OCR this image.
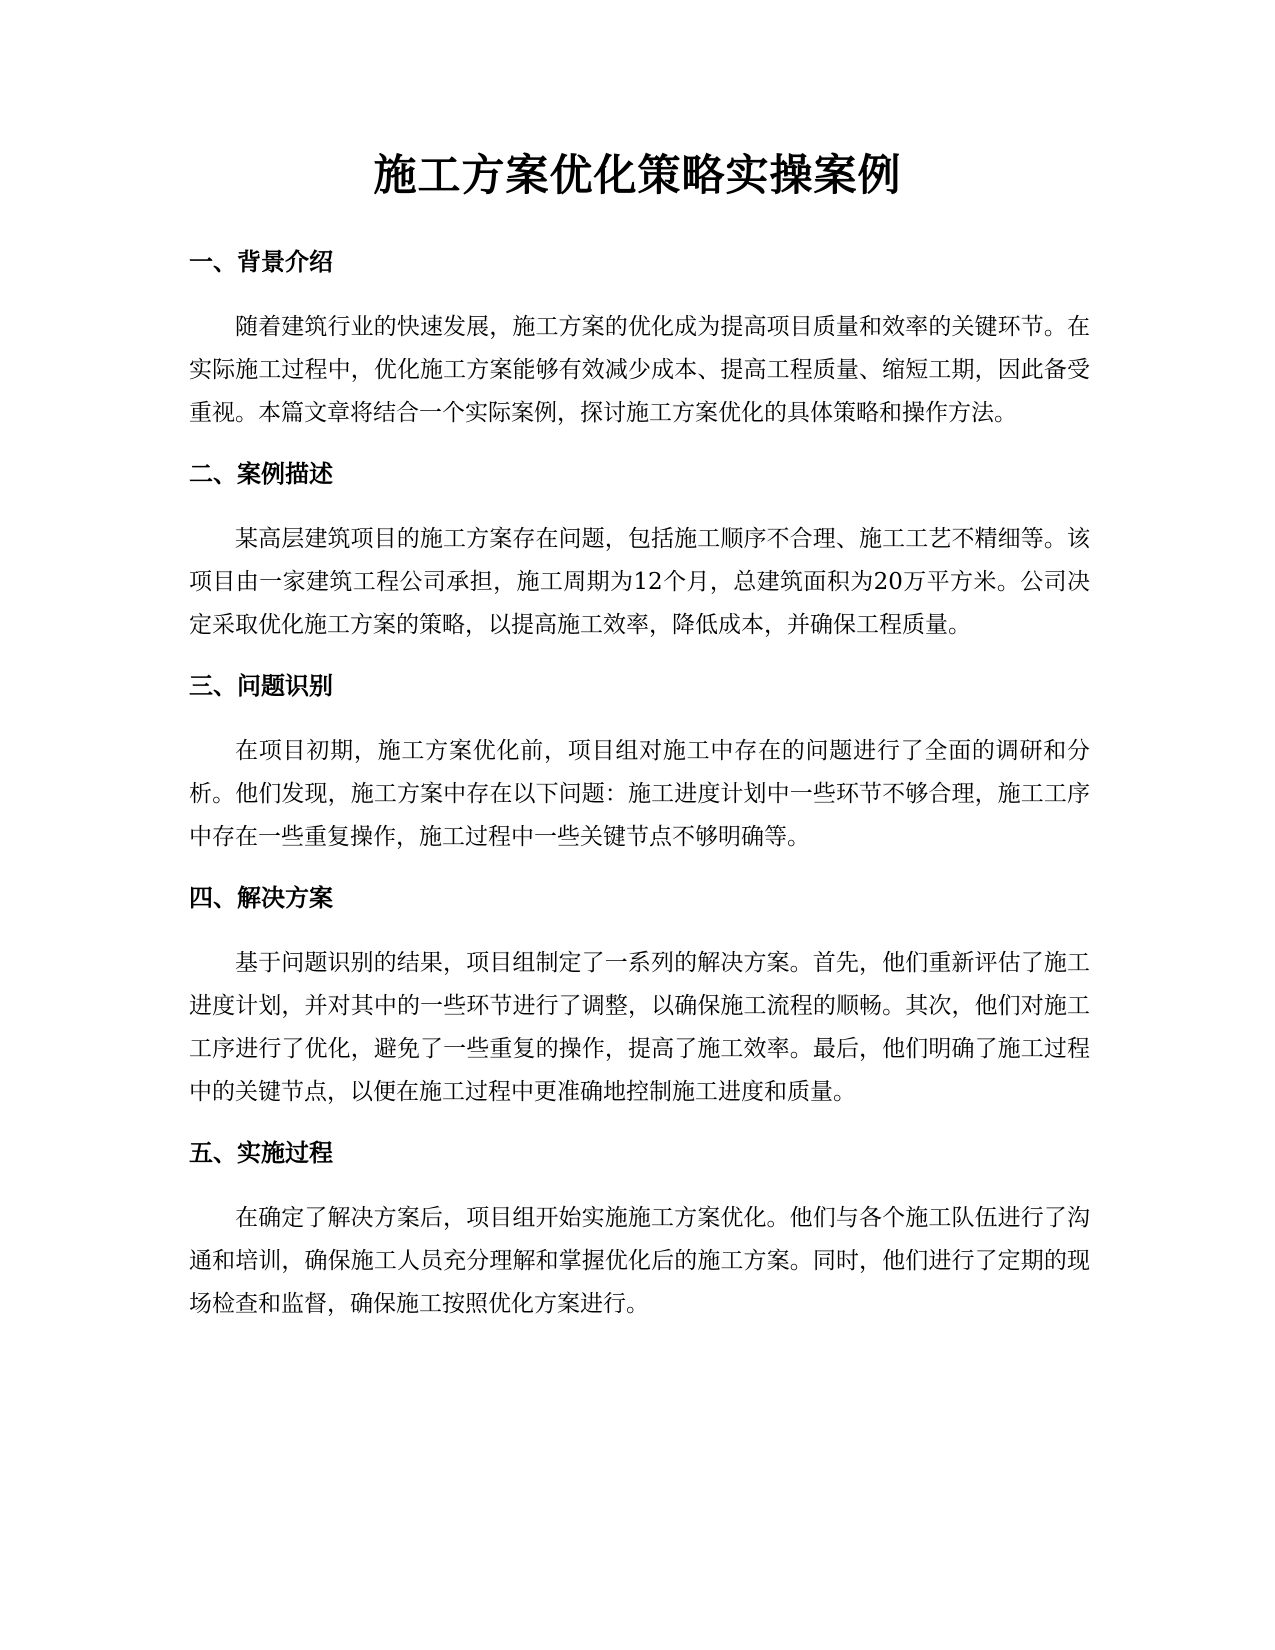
施工方案优化策略实操案例
一、背景介绍

随着建筑行业的快速发展，施工方案的优化成为提高项目质量和效率的关键环节。在实际施工过程中，优化施工方案能够有效减少成本、提高工程质量、缩短工期，因此备受重视。本篇文章将结合一个实际案例，探讨施工方案优化的具体策略和操作方法。

二、案例描述

某高层建筑项目的施工方案存在问题，包括施工顺序不合理、施工工艺不精细等。该项目由一家建筑工程公司承担，施工周期为12个月，总建筑面积为20万平方米。公司决定采取优化施工方案的策略，以提高施工效率，降低成本，并确保工程质量。

三、问题识别

在项目初期，施工方案优化前，项目组对施工中存在的问题进行了全面的调研和分析。他们发现，施工方案中存在以下问题：施工进度计划中一些环节不够合理，施工工序中存在一些重复操作，施工过程中一些关键节点不够明确等。

四、解决方案

基于问题识别的结果，项目组制定了一系列的解决方案。首先，他们重新评估了施工进度计划，并对其中的一些环节进行了调整，以确保施工流程的顺畅。其次，他们对施工工序进行了优化，避免了一些重复的操作，提高了施工效率。最后，他们明确了施工过程中的关键节点，以便在施工过程中更准确地控制施工进度和质量。

五、实施过程

在确定了解决方案后，项目组开始实施施工方案优化。他们与各个施工队伍进行了沟通和培训，确保施工人员充分理解和掌握优化后的施工方案。同时，他们进行了定期的现场检查和监督，确保施工按照优化方案进行。
